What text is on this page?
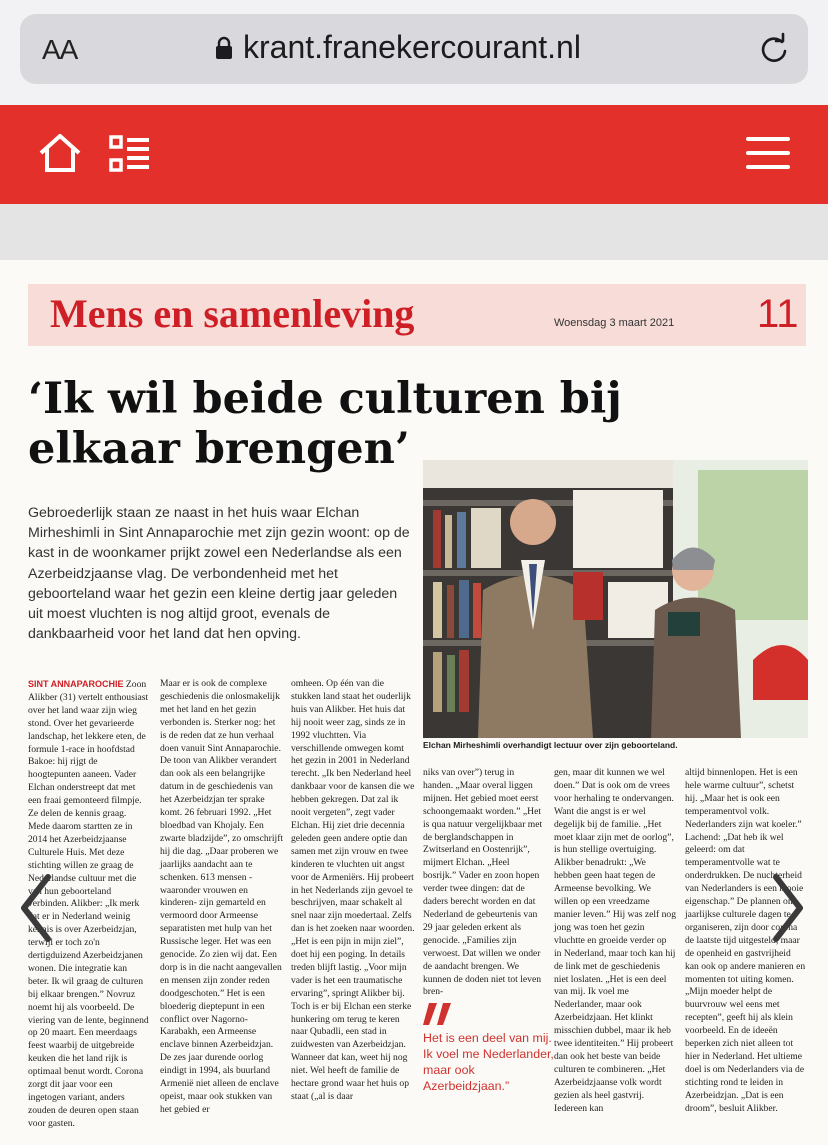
AA	krant.franekercourant.nl
Mens en samenleving	Woensdag 3 maart 2021 11
‘Ik wil beide culturen bij elkaar brengen’

Gebroederlijk staan ze naast in het huis waar Elchan Mirheshimli in Sint Annaparochie met zijn gezin woont: op de kast in de woonkamer prijkt zowel een Nederlandse als een Azerbeidzjaanse vlag. De verbondenheid met het geboorteland waar het gezin een kleine dertig jaar geleden uit moest vluchten is nog altijd groot, evenals de dankbaarheid voor het land dat hen opving.

Elchan Mirheshimli overhandigt lectuur over zijn geboorteland.

SINT ANNAPAROCHIE Zoon Alikber (31) vertelt enthousiast over het land waar zijn wieg stond. Over het gevarieerde landschap, het lekkere eten, de formule 1-race in hoofdstad Bakoe: hij rijgt de hoogtepunten aaneen. Vader Elchan onderstreept dat met een fraai gemonteerd filmpje. Ze delen de kennis graag. Mede daarom startten ze in 2014 het Azerbeidzjaanse Culturele Huis. Met deze stichting willen ze graag de Nederlandse cultuur met die van hun geboorteland verbinden. Alikber: „Ik merk dat er in Nederland weinig kennis is over Azerbeidzjan, terwijl er toch zo'n dertigduizend Azerbeidzjanen wonen. Die integratie kan beter. Ik wil graag de culturen bij elkaar brengen.” Novruz noemt hij als voorbeeld. De viering van de lente, beginnend op 20 maart. Een meerdaags feest waarbij de uitgebreide keuken die het land rijk is optimaal benut wordt. Corona zorgt dit jaar voor een ingetogen variant, anders zouden de deuren open staan voor gasten.

Maar er is ook de complexe geschiedenis die onlosmakelijk met het land en het gezin verbonden is. Sterker nog: het is de reden dat ze hun verhaal doen vanuit Sint Annaparochie. De toon van Alikber verandert dan ook als een belangrijke datum in de geschiedenis van het Azerbeidzjan ter sprake komt. 26 februari 1992. „Het bloedbad van Khojaly. Een zwarte bladzijde”, zo omschrijft hij die dag. „Daar proberen we jaarlijks aandacht aan te schenken. 613 mensen -waaronder vrouwen en kinderen- zijn gemarteld en vermoord door Armeense separatisten met hulp van het Russische leger. Het was een genocide. Zo zien wij dat. Een dorp is in die nacht aangevallen en mensen zijn zonder reden doodgeschoten.” Het is een bloederig dieptepunt in een conflict over Nagorno-Karabakh, een Armeense enclave binnen Azerbeidzjan. De zes jaar durende oorlog eindigt in 1994, als buurland Armenië niet alleen de enclave opeist, maar ook stukken van het gebied er

omheen. Op één van die stukken land staat het ouderlijk huis van Alikber. Het huis dat hij nooit weer zag, sinds ze in 1992 vluchtten. Via verschillende omwegen komt het gezin in 2001 in Nederland terecht. „Ik ben Nederland heel dankbaar voor de kansen die we hebben gekregen. Dat zal ik nooit vergeten”, zegt vader Elchan. Hij ziet drie decennia geleden geen andere optie dan samen met zijn vrouw en twee kinderen te vluchten uit angst voor de Armeniërs. Hij probeert in het Nederlands zijn gevoel te beschrijven, maar schakelt al snel naar zijn moedertaal. Zelfs dan is het zoeken naar woorden. „Het is een pijn in mijn ziel”, doet hij een poging. In details treden blijft lastig. „Voor mijn vader is het een traumatische ervaring”, springt Alikber bij. Toch is er bij Elchan een sterke hunkering om terug te keren naar Qubadli, een stad in zuidwesten van Azerbeidzjan. Wanneer dat kan, weet hij nog niet. Wel heeft de familie de hectare grond waar het huis op staat („al is daar

niks van over”) terug in handen. „Maar overal liggen mijnen. Het gebied moet eerst schoongemaakt worden.” „Het is qua natuur vergelijkbaar met de berglandschappen in Zwitserland en Oostenrijk”, mijmert Elchan. „Heel bosrijk.” Vader en zoon hopen verder twee dingen: dat de daders berecht worden en dat Nederland de gebeurtenis van 29 jaar geleden erkent als genocide. „Families zijn verwoest. Dat willen we onder de aandacht brengen. We kunnen de doden niet tot leven bren-

gen, maar dit kunnen we wel doen.” Dat is ook om de vrees voor herhaling te ondervangen. Want die angst is er wel degelijk bij de familie. „Het moet klaar zijn met de oorlog”, is hun stellige overtuiging. Alikber benadrukt: „We hebben geen haat tegen de Armeense bevolking. We willen op een vreedzame manier leven.” Hij was zelf nog jong was toen het gezin vluchtte en groeide verder op in Nederland, maar toch kan hij de link met de geschiedenis niet loslaten. „Het is een deel van mij. Ik voel me Nederlander, maar ook Azerbeidzjaan. Het klinkt misschien dubbel, maar ik heb twee identiteiten.” Hij probeert dan ook het beste van beide culturen te combineren. „Het Azerbeidzjaanse volk wordt gezien als heel gastvrij. Iedereen kan

altijd binnenlopen. Het is een hele warme cultuur”, schetst hij. „Maar het is ook een temperamentvol volk. Nederlanders zijn wat koeler.” Lachend: „Dat heb ik wel geleerd: om dat temperamentvolle wat te onderdrukken. De nuchterheid van Nederlanders is een mooie eigenschap.” De plannen om jaarlijkse culturele dagen te organiseren, zijn door corona de laatste tijd uitgesteld, maar de openheid en gastvrijheid kan ook op andere manieren en momenten tot uiting komen. „Mijn moeder helpt de buurvrouw wel eens met recepten”, geeft hij als klein voorbeeld. En de ideeën beperken zich niet alleen tot hier in Nederland. Het ultieme doel is om Nederlanders via de stichting rond te leiden in Azerbeidzjan. „Dat is een droom”, besluit Alikber.

Het is een deel van mij. Ik voel me Nederlander, maar ook Azerbeidzjaan.”
